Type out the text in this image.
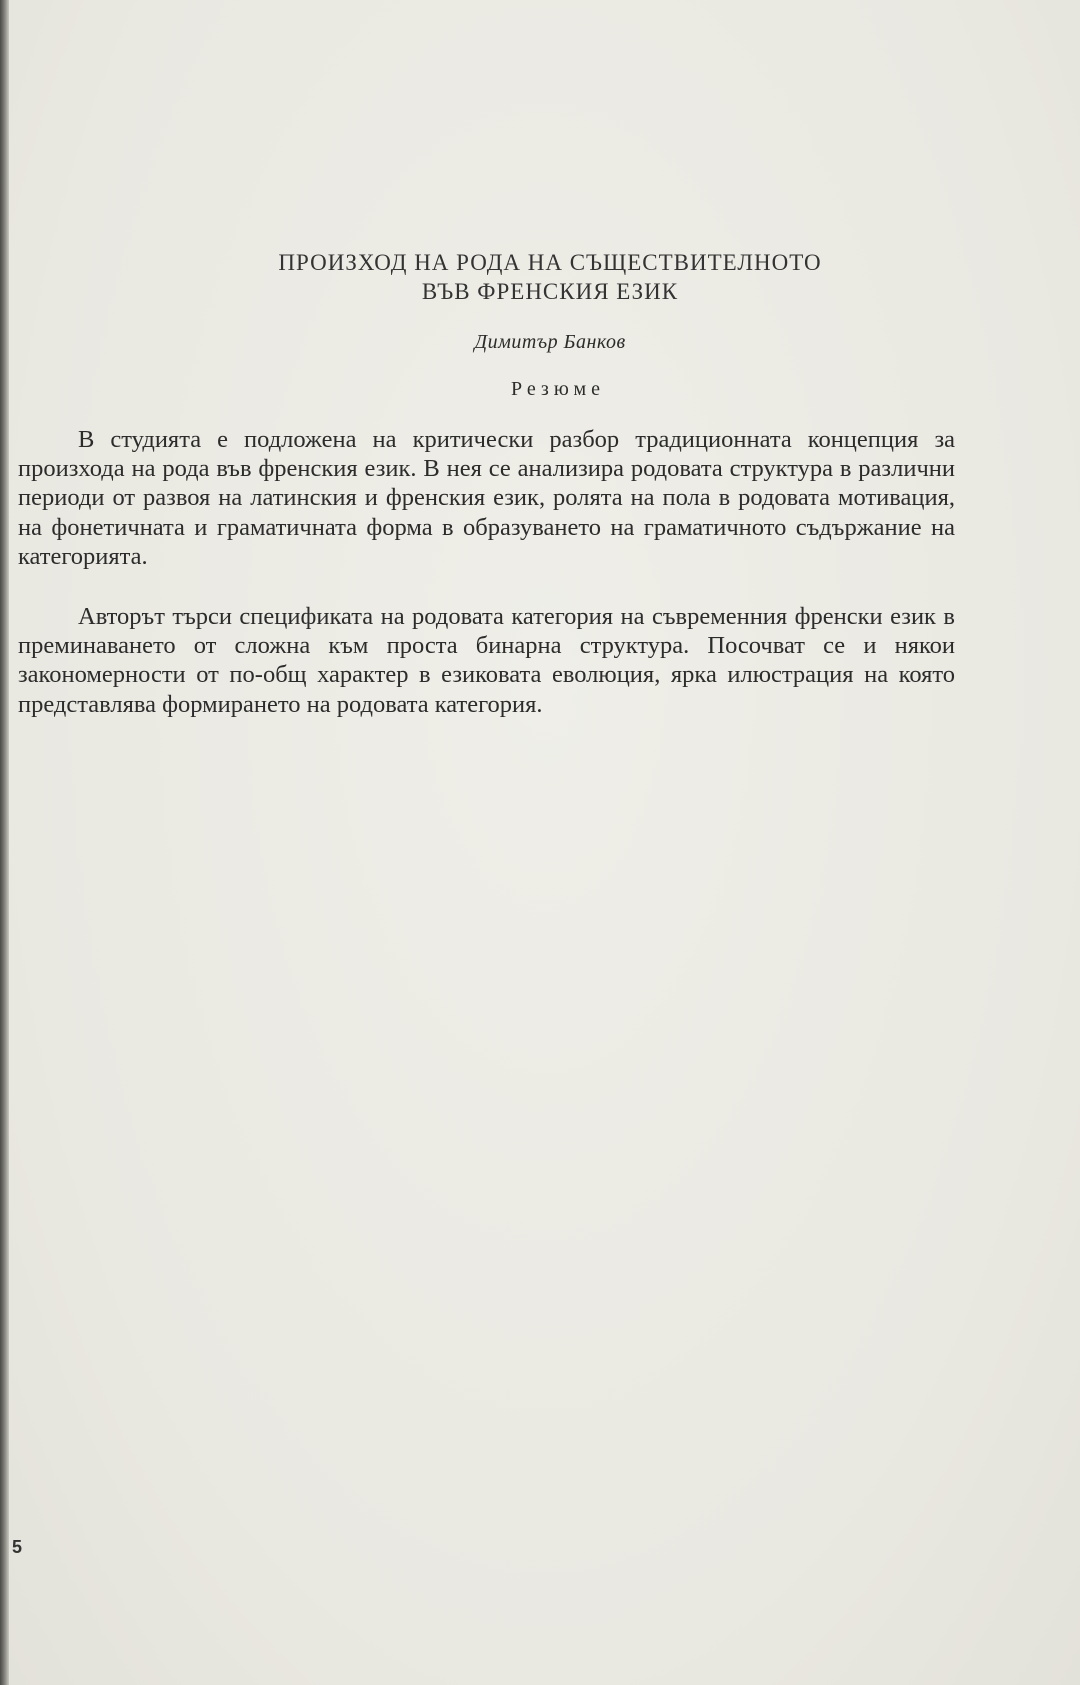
ПРОИЗХОД НА РОДА НА СЪЩЕСТВИТЕЛНОТО
ВЪВ ФРЕНСКИЯ ЕЗИК
Димитър Банков
Резюме

В студията е подложена на критически разбор традиционната концепция за произхода на рода във френския език. В нея се анализира родовата структура в различни периоди от развоя на латинския и френския език, ролята на пола в родовата мотивация, на фонетичната и граматичната форма в образуването на граматичното съдържание на категорията.

Авторът търси спецификата на родовата категория на съвременния френски език в преминаването от сложна към проста бинарна структура. Посочват се и някои закономерности от по-общ характер в езиковата еволюция, ярка илюстрация на която представлява формирането на родовата категория.

5
